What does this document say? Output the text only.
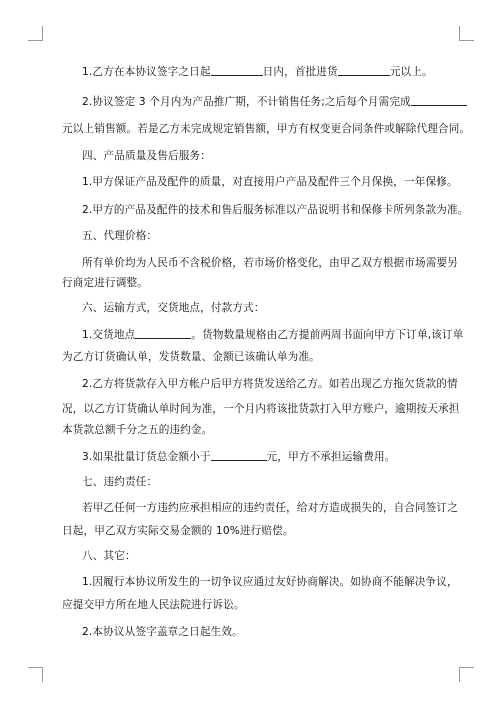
1.乙方在本协议签字之日起	日内，首批进货	元以上。
2.协议签定 3 个月内为产品推广期，不计销售任务;之后每个月需完成
元以上销售额。若是乙方未完成规定销售额，甲方有权变更合同条件或解除代理合同。
四、产品质量及售后服务：
1.甲方保证产品及配件的质量，对直接用户产品及配件三个月保换，一年保修。
2.甲方的产品及配件的技术和售后服务标准以产品说明书和保修卡所列条款为准。
五、代理价格：
所有单价均为人民币不含税价格，若市场价格变化，由甲乙双方根据市场需要另
行商定进行调整。
六、运输方式，交货地点，付款方式：
1.交货地点	。货物数量规格由乙方提前两周书面向甲方下订单,该订单
为乙方订货确认单，发货数量、金额已该确认单为准。
2.乙方将货款存入甲方帐户后甲方将货发送给乙方。如若出现乙方拖欠货款的情
况，以乙方订货确认单时间为准，一个月内将该批货款打入甲方账户，逾期按天承担
本货款总额千分之五的违约金。
3.如果批量订货总金额小于	元，甲方不承担运输费用。
七、违约责任：
若甲乙任何一方违约应承担相应的违约责任，给对方造成损失的，自合同签订之
日起，甲乙双方实际交易金额的 10%进行赔偿。
八、其它：
1.因履行本协议所发生的一切争议应通过友好协商解决。如协商不能解决争议，
应提交甲方所在地人民法院进行诉讼。
2.本协议从签字盖章之日起生效。
